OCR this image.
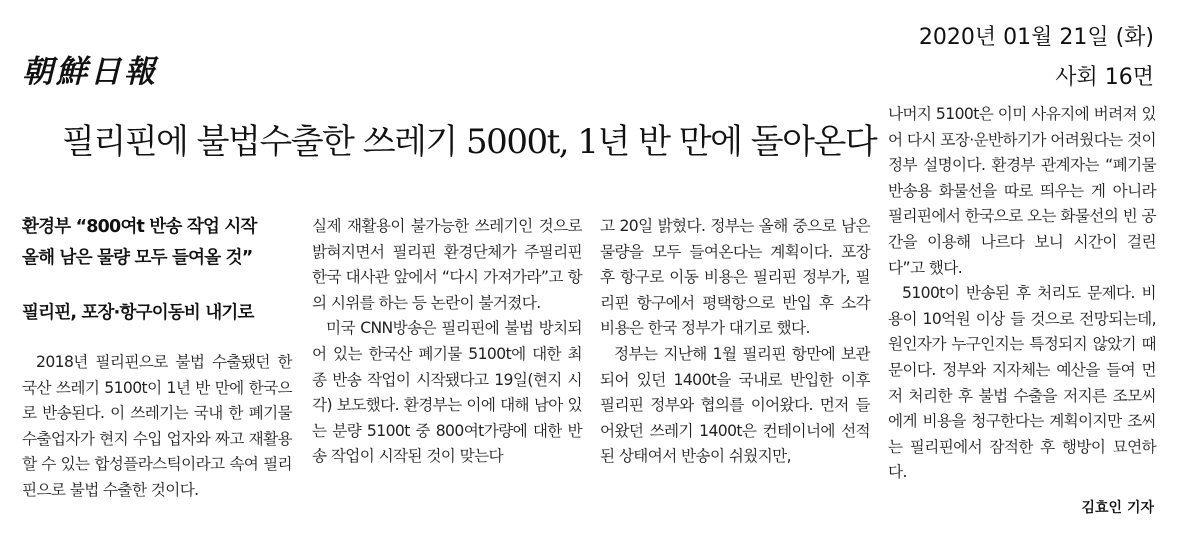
朝鮮日報
2020년 01월 21일 (화)
사회 16면
필리핀에 불법수출한 쓰레기 5000t, 1년 반 만에 돌아온다
환경부 “800여t 반송 작업 시작
올해 남은 물량 모두 들여올 것”
필리핀, 포장·항구이동비 내기로

2018년 필리핀으로 불법 수출됐던 한국산 쓰레기 5100t이 1년 반 만에 한국으로 반송된다. 이 쓰레기는 국내 한 폐기물 수출업자가 현지 수입 업자와 짜고 재활용할 수 있는 합성플라스틱이라고 속여 필리핀으로 불법 수출한 것이다.

실제 재활용이 불가능한 쓰레기인 것으로 밝혀지면서 필리핀 환경단체가 주필리핀 한국 대사관 앞에서 “다시 가져가라”고 항의 시위를 하는 등 논란이 불거졌다.

미국 CNN방송은 필리핀에 불법 방치되어 있는 한국산 폐기물 5100t에 대한 최종 반송 작업이 시작됐다고 19일(현지 시각) 보도했다. 환경부는 이에 대해 남아 있는 분량 5100t 중 800여t가량에 대한 반송 작업이 시작된 것이 맞는다

고 20일 밝혔다. 정부는 올해 중으로 남은 물량을 모두 들여온다는 계획이다. 포장 후 항구로 이동 비용은 필리핀 정부가, 필리핀 항구에서 평택항으로 반입 후 소각 비용은 한국 정부가 대기로 했다.

정부는 지난해 1월 필리핀 항만에 보관되어 있던 1400t을 국내로 반입한 이후 필리핀 정부와 협의를 이어왔다. 먼저 들어왔던 쓰레기 1400t은 컨테이너에 선적된 상태여서 반송이 쉬웠지만,

나머지 5100t은 이미 사유지에 버려져 있어 다시 포장·운반하기가 어려웠다는 것이 정부 설명이다. 환경부 관계자는 “폐기물 반송용 화물선을 따로 띄우는 게 아니라 필리핀에서 한국으로 오는 화물선의 빈 공간을 이용해 나르다 보니 시간이 걸린다”고 했다.

5100t이 반송된 후 처리도 문제다. 비용이 10억원 이상 들 것으로 전망되는데, 원인자가 누구인지는 특정되지 않았기 때문이다. 정부와 지자체는 예산을 들여 먼저 처리한 후 불법 수출을 저지른 조모씨에게 비용을 청구한다는 계획이지만 조씨는 필리핀에서 잠적한 후 행방이 묘연하다.

김효인 기자
